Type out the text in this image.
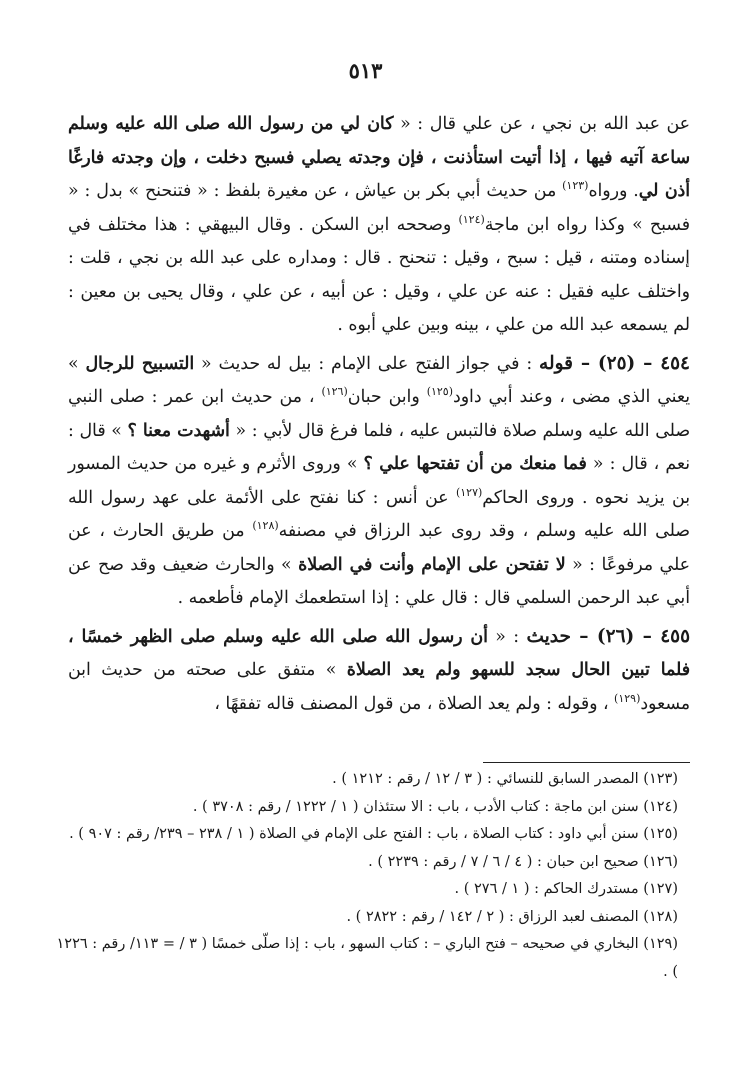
٥١٣

عن عبد الله بن نجي ، عن علي قال : « كان لي من رسول الله صلى الله عليه وسلم ساعة آتيه فيها ، إذا أتيت استأذنت ، فإن وجدته يصلي فسبح دخلت ، وإن وجدته فارغًا أذن لي. ورواه$^{(١٢٣)}$ من حديث أبي بكر بن عياش ، عن مغيرة بلفظ : « فتنحنح » بدل : « فسبح » وكذا رواه ابن ماجة$^{(١٢٤)}$ وصححه ابن السكن . وقال البيهقي : هذا مختلف في إسناده ومتنه ، قيل : سبح ، وقيل : تنحنح . قال : ومداره على عبد الله بن نجي ، قلت : واختلف عليه فقيل : عنه عن علي ، وقيل : عن أبيه ، عن علي ، وقال يحيى بن معين : لم يسمعه عبد الله من علي ، بينه وبين علي أبوه .

٤٥٤ – (٢٥) – قوله : في جواز الفتح على الإمام : بيل له حديث « التسبيح للرجال » يعني الذي مضى ، وعند أبي داود$^{(١٢٥)}$ وابن حبان$^{(١٢٦)}$ ، من حديث ابن عمر : صلى النبي صلى الله عليه وسلم صلاة فالتبس عليه ، فلما فرغ قال لأبي : « أشهدت معنا ؟ » قال : نعم ، قال : « فما منعك من أن تفتحها علي ؟ » وروى الأثرم و غيره من حديث المسور بن يزيد نحوه . وروى الحاكم$^{(١٢٧)}$ عن أنس : كنا نفتح على الأئمة على عهد رسول الله صلى الله عليه وسلم ، وقد روى عبد الرزاق في مصنفه$^{(١٢٨)}$ من طريق الحارث ، عن علي مرفوعًا : « لا تفتحن على الإمام وأنت في الصلاة » والحارث ضعيف وقد صح عن أبي عبد الرحمن السلمي قال : قال علي : إذا استطعمك الإمام فأطعمه .

٤٥٥ – (٢٦) – حديث : « أن رسول الله صلى الله عليه وسلم صلى الظهر خمسًا ، فلما تبين الحال سجد للسهو ولم يعد الصلاة » متفق على صحته من حديث ابن مسعود$^{(١٢٩)}$ ، وقوله : ولم يعد الصلاة ، من قول المصنف قاله تفقهًا ،

(١٢٣) المصدر السابق للنسائي : ( ٣ / ١٢ / رقم : ١٢١٢ ) .

(١٢٤) سنن ابن ماجة : كتاب الأدب ، باب : الا ستئذان ( ١ / ١٢٢٢ / رقم : ٣٧٠٨ ) .

(١٢٥) سنن أبي داود : كتاب الصلاة ، باب : الفتح على الإمام في الصلاة ( ١ / ٢٣٨ – ٢٣٩/ رقم : ٩٠٧ ) .

(١٢٦) صحيح ابن حبان : ( ٤ / ٦ / ٧ / رقم : ٢٢٣٩ ) .

(١٢٧) مستدرك الحاكم : ( ١ / ٢٧٦ ) .

(١٢٨) المصنف لعبد الرزاق : ( ٢ / ١٤٢ / رقم : ٢٨٢٢ ) .

(١٢٩) البخاري في صحيحه – فتح الباري – : كتاب السهو ، باب : إذا صلّى خمسًا ( ٣ / = ١١٣/ رقم : ١٢٢٦ ) .
